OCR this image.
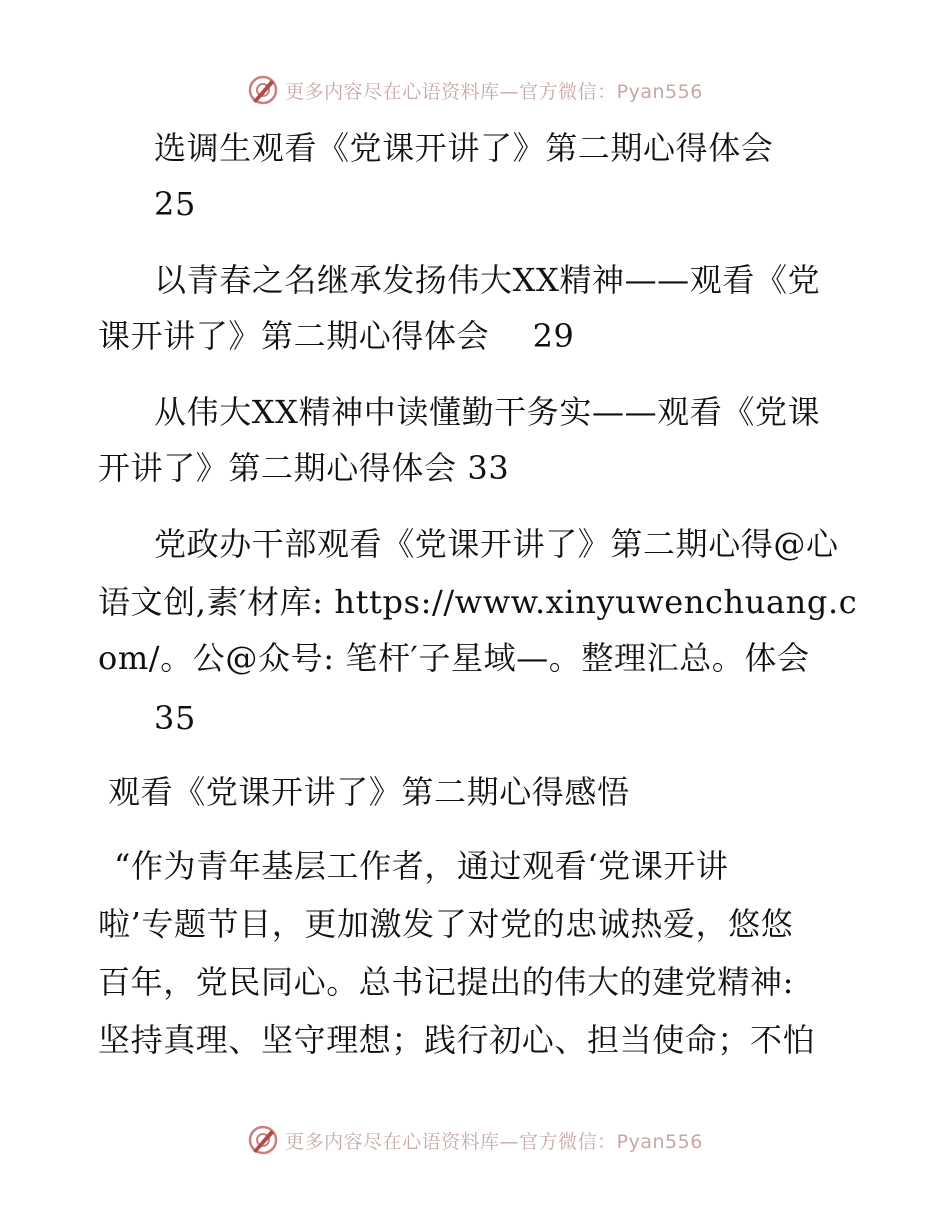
更多内容尽在心语资料库—官方微信：Pyan556
选调生观看《党课开讲了》第二期心得体会
25
以青春之名继承发扬伟大XX精神——观看《党
课开讲了》第二期心得体会　 29
从伟大XX精神中读懂勤干务实——观看《党课
开讲了》第二期心得体会 33
党政办干部观看《党课开讲了》第二期心得@心
语文创,素′材库: https://www.xinyuwenchuang.c
om/。公@众号: 笔杆′子星域—。整理汇总。体会
35
观看《党课开讲了》第二期心得感悟
“作为青年基层工作者，通过观看‘党课开讲
啦’专题节目，更加激发了对党的忠诚热爱，悠悠
百年，党民同心。总书记提出的伟大的建党精神:
坚持真理、坚守理想；践行初心、担当使命；不怕
更多内容尽在心语资料库—官方微信：Pyan556
